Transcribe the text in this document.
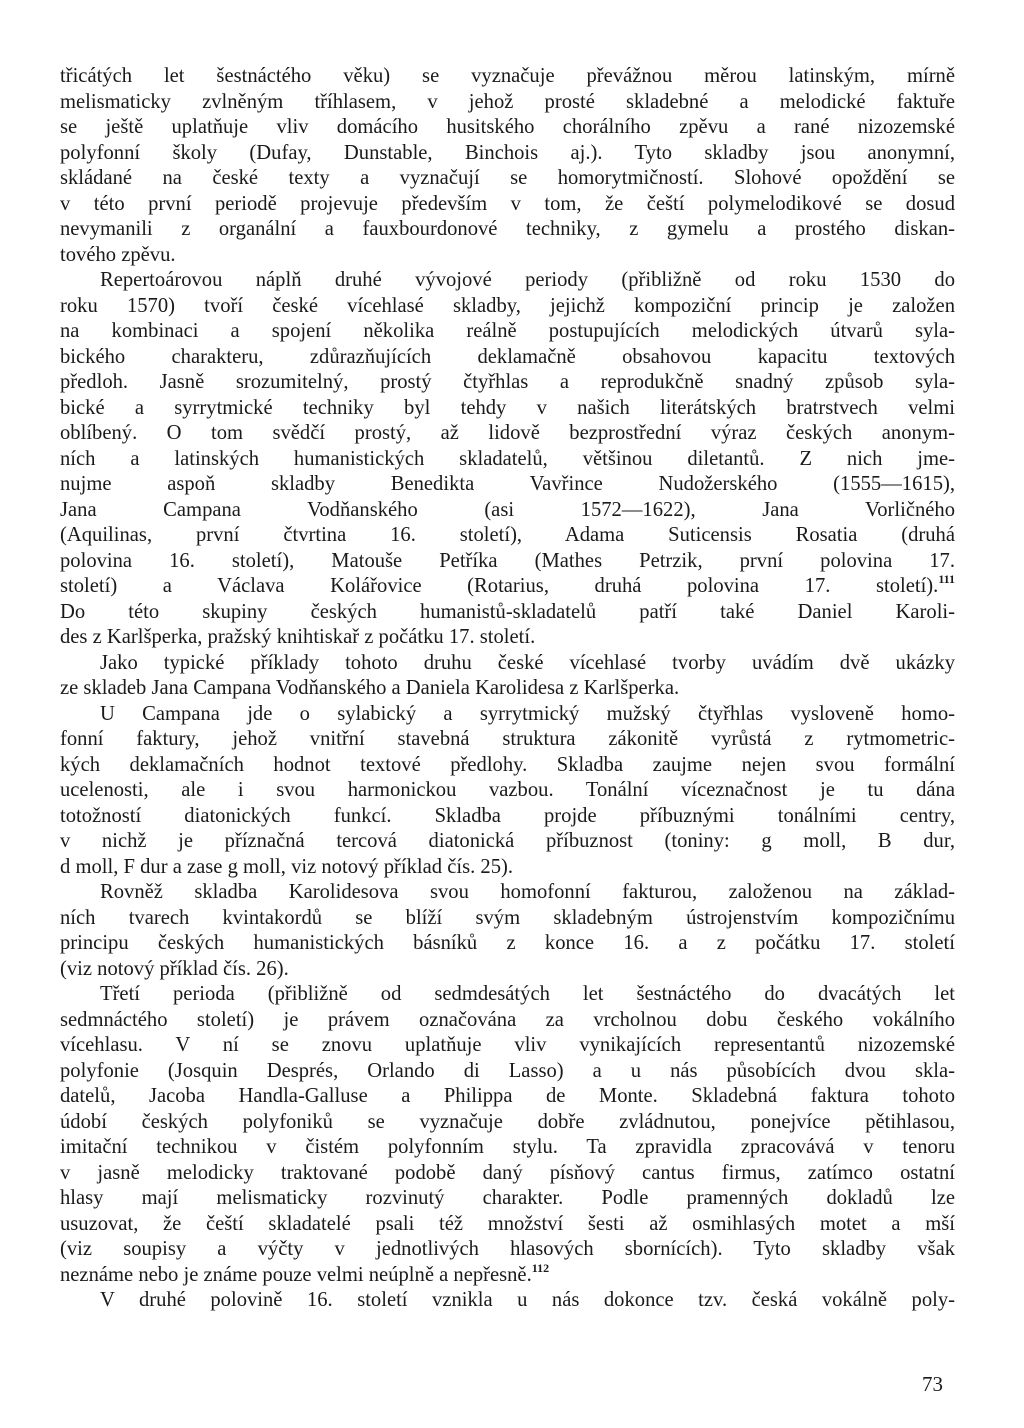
třicátých let šestnáctého věku) se vyznačuje převážnou měrou latinským, mírně
melismaticky zvlněným tříhlasem, v jehož prosté skladebné a melodické faktuře
se ještě uplatňuje vliv domácího husitského chorálního zpěvu a rané nizozemské
polyfonní školy (Dufay, Dunstable, Binchois aj.). Tyto skladby jsou anonymní,
skládané na české texty a vyznačují se homorytmičností. Slohové opoždění se
v této první periodě projevuje především v tom, že čeští polymelodikové se dosud
nevymanili z organální a fauxbourdonové techniky, z gymelu a prostého diskan-
tového zpěvu.
Repertoárovou náplň druhé vývojové periody (přibližně od roku 1530 do
roku 1570) tvoří české vícehlasé skladby, jejichž kompoziční princip je založen
na kombinaci a spojení několika reálně postupujících melodických útvarů syla-
bického charakteru, zdůrazňujících deklamačně obsahovou kapacitu textových
předloh. Jasně srozumitelný, prostý čtyřhlas a reprodukčně snadný způsob syla-
bické a syrrytmické techniky byl tehdy v našich literátských bratrstvech velmi
oblíbený. O tom svědčí prostý, až lidově bezprostřední výraz českých anonym-
ních a latinských humanistických skladatelů, většinou diletantů. Z nich jme-
nujme aspoň skladby Benedikta Vavřince Nudožerského (1555—1615),
Jana Campana Vodňanského (asi 1572—1622), Jana Vorličného
(Aquilinas, první čtvrtina 16. století), Adama Suticensis Rosatia (druhá
polovina 16. století), Matouše Petříka (Mathes Petrzik, první polovina 17.
století) a Václava Kolářovice (Rotarius, druhá polovina 17. století).$^{111}$
Do této skupiny českých humanistů-skladatelů patří také Daniel Karoli-
des z Karlšperka, pražský knihtiskař z počátku 17. století.
Jako typické příklady tohoto druhu české vícehlasé tvorby uvádím dvě ukázky
ze skladeb Jana Campana Vodňanského a Daniela Karolidesa z Karlšperka.
U Campana jde o sylabický a syrrytmický mužský čtyřhlas vysloveně homo-
fonní faktury, jehož vnitřní stavebná struktura zákonitě vyrůstá z rytmometric-
kých deklamačních hodnot textové předlohy. Skladba zaujme nejen svou formální
ucelenosti, ale i svou harmonickou vazbou. Tonální víceznačnost je tu dána
totožností diatonických funkcí. Skladba projde příbuznými tonálními centry,
v nichž je příznačná tercová diatonická příbuznost (toniny: g moll, B dur,
d moll, F dur a zase g moll, viz notový příklad čís. 25).
Rovněž skladba Karolidesova svou homofonní fakturou, založenou na základ-
ních tvarech kvintakordů se blíží svým skladebným ústrojenstvím kompozičnímu
principu českých humanistických básníků z konce 16. a z počátku 17. století
(viz notový příklad čís. 26).
Třetí perioda (přibližně od sedmdesátých let šestnáctého do dvacátých let
sedmnáctého století) je právem označována za vrcholnou dobu českého vokálního
vícehlasu. V ní se znovu uplatňuje vliv vynikajících representantů nizozemské
polyfonie (Josquin Després, Orlando di Lasso) a u nás působících dvou skla-
datelů, Jacoba Handla-Galluse a Philippa de Monte. Skladebná faktura tohoto
údobí českých polyfoniků se vyznačuje dobře zvládnutou, ponejvíce pětihlasou,
imitační technikou v čistém polyfonním stylu. Ta zpravidla zpracovává v tenoru
v jasně melodicky traktované podobě daný písňový cantus firmus, zatímco ostatní
hlasy mají melismaticky rozvinutý charakter. Podle pramenných dokladů lze
usuzovat, že čeští skladatelé psali též množství šesti až osmihlasých motet a mší
(viz soupisy a výčty v jednotlivých hlasových sbornících). Tyto skladby však
neznáme nebo je známe pouze velmi neúplně a nepřesně.$^{112}$
V druhé polovině 16. století vznikla u nás dokonce tzv. česká vokálně poly-
73
